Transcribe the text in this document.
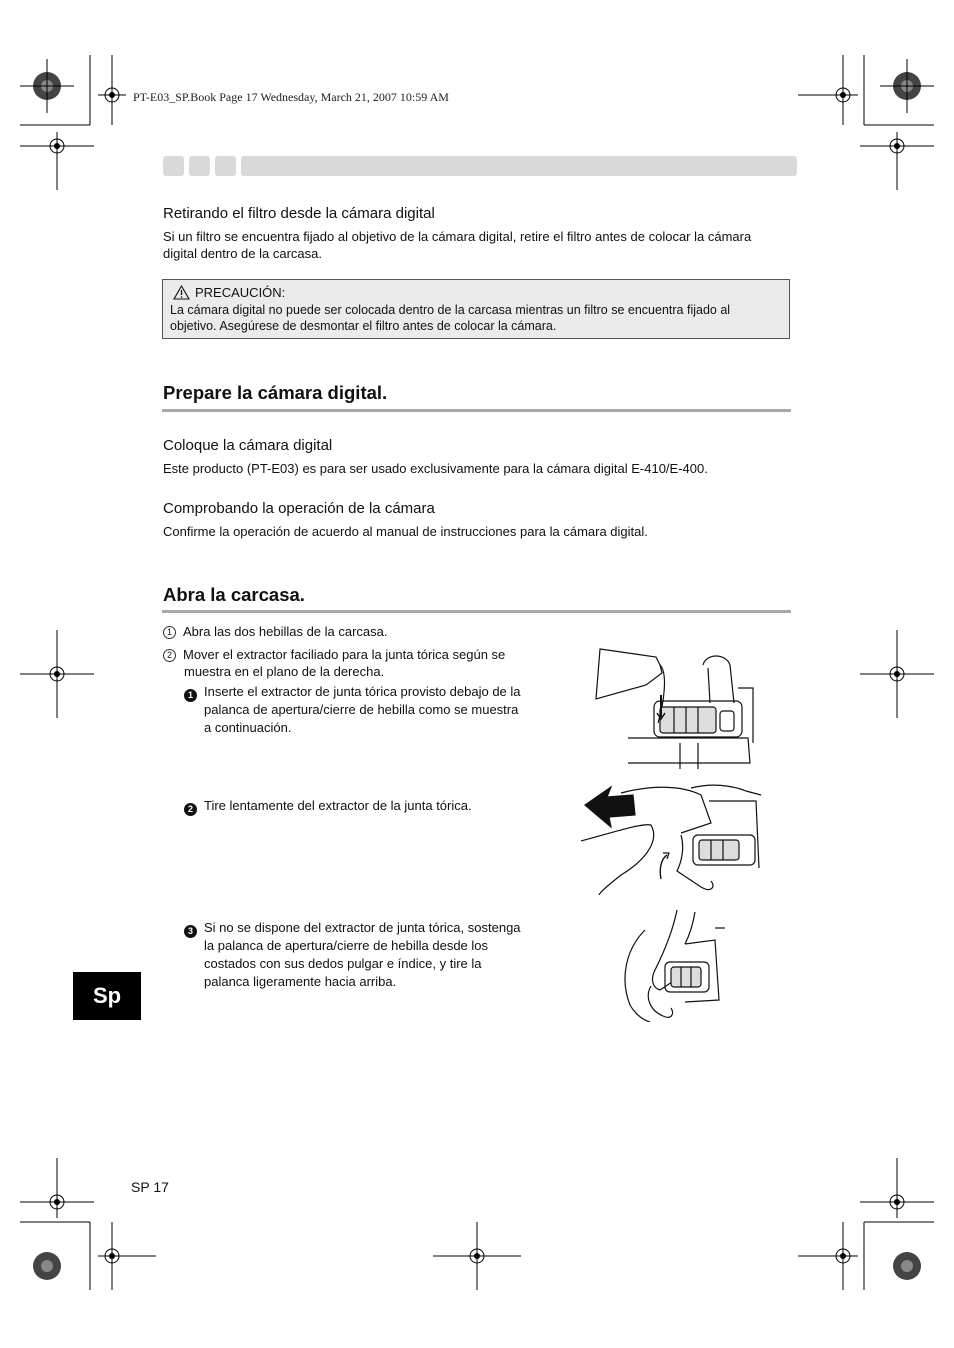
PT-E03_SP.Book Page 17 Wednesday, March 21, 2007 10:59 AM
Retirando el filtro desde la cámara digital
Si un filtro se encuentra fijado al objetivo de la cámara digital, retire el filtro antes de colocar la cámara
digital dentro de la carcasa.
PRECAUCIÓN:
La cámara digital no puede ser colocada dentro de la carcasa mientras un filtro se encuentra fijado al
objetivo. Asegúrese de desmontar el filtro antes de colocar la cámara.
Prepare la cámara digital.
Coloque la cámara digital
Este producto (PT-E03) es para ser usado exclusivamente para la cámara digital E-410/E-400.
Comprobando la operación de la cámara
Confirme la operación de acuerdo al manual de instrucciones para la cámara digital.
Abra la carcasa.
1 Abra las dos hebillas de la carcasa.
2 Mover el extractor faciliado para la junta tórica según se
muestra en el plano de la derecha.
1 Inserte el extractor de junta tórica provisto debajo de la
palanca de apertura/cierre de hebilla como se muestra
a continuación.
2 Tire lentamente del extractor de la junta tórica.
3 Si no se dispone del extractor de junta tórica, sostenga
la palanca de apertura/cierre de hebilla desde los
costados con sus dedos pulgar e índice, y tire la
palanca ligeramente hacia arriba.
Sp
SP 17
